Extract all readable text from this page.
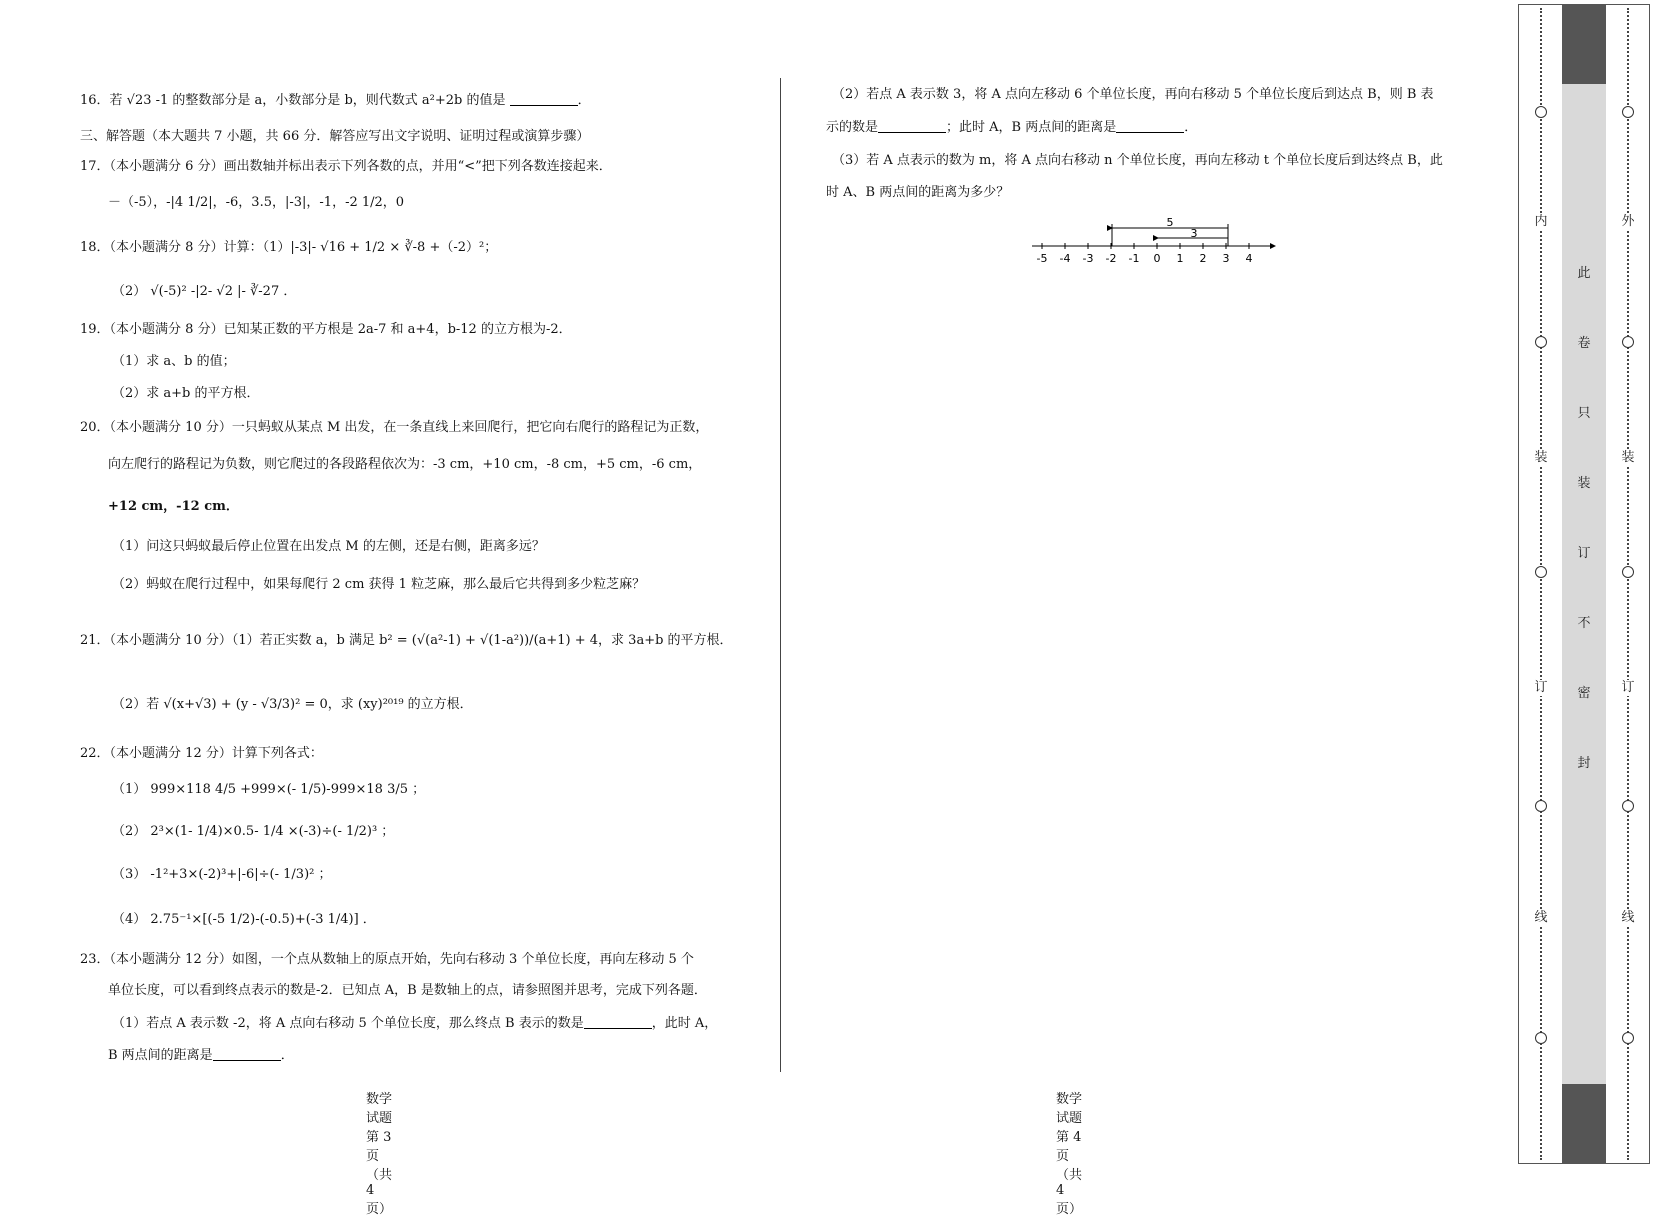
16．若 √23 -1 的整数部分是 a，小数部分是 b，则代数式 a²+2b 的值是	．
三、解答题（本大题共 7 小题，共 66 分．解答应写出文字说明、证明过程或演算步骤）
17．（本小题满分 6 分）画出数轴并标出表示下列各数的点，并用“<”把下列各数连接起来．
－（-5），-|4 1/2|，-6，3.5，|-3|，-1，-2 1/2，0
18．（本小题满分 8 分）计算：（1）|-3|- √16 + 1/2 × ∛-8 +（-2）²；
（2） √(-5)² -|2- √2 |- ∛-27 ．
19．（本小题满分 8 分）已知某正数的平方根是 2a-7 和 a+4，b-12 的立方根为-2．
（1）求 a、b 的值；
（2）求 a+b 的平方根．
20．（本小题满分 10 分）一只蚂蚁从某点 M 出发，在一条直线上来回爬行，把它向右爬行的路程记为正数，
向左爬行的路程记为负数，则它爬过的各段路程依次为：-3 cm，+10 cm，-8 cm，+5 cm，-6 cm，
+12 cm，-12 cm．
（1）问这只蚂蚁最后停止位置在出发点 M 的左侧，还是右侧，距离多远？
（2）蚂蚁在爬行过程中，如果每爬行 2 cm 获得 1 粒芝麻，那么最后它共得到多少粒芝麻？
21．（本小题满分 10 分）（1）若正实数 a，b 满足 b² = (√(a²-1) + √(1-a²))/(a+1) + 4，求 3a+b 的平方根．
（2）若 √(x+√3) + (y - √3/3)² = 0，求 (xy)²⁰¹⁹ 的立方根．
22．（本小题满分 12 分）计算下列各式：
（1） 999×118 4/5 +999×(- 1/5)-999×18 3/5 ；
（2） 2³×(1- 1/4)×0.5- 1/4 ×(-3)÷(- 1/2)³ ；
（3） -1²+3×(-2)³+|-6|÷(- 1/3)² ；
（4） 2.75⁻¹×[(-5 1/2)-(-0.5)+(-3 1/4)] ．
23．（本小题满分 12 分）如图，一个点从数轴上的原点开始，先向右移动 3 个单位长度，再向左移动 5 个
单位长度，可以看到终点表示的数是-2．已知点 A，B 是数轴上的点，请参照图并思考，完成下列各题．
（1）若点 A 表示数 -2，将 A 点向右移动 5 个单位长度，那么终点 B 表示的数是	，此时 A，
B 两点间的距离是	．
数学试题 第 3 页（共 4 页）
（2）若点 A 表示数 3，将 A 点向左移动 6 个单位长度，再向右移动 5 个单位长度后到达点 B，则 B 表
示的数是	；此时 A，B 两点间的距离是	．
（3）若 A 点表示的数为 m，将 A 点向右移动 n 个单位长度，再向左移动 t 个单位长度后到达终点 B，此
时 A、B 两点间的距离为多少？
-5 -4 -3 -2 -1 0 1 2 3 4
5
3
数学试题 第 4 页（共 4 页）
内
装
订
线
外
装
订
线
此
卷
只
装
订
不
密
封
